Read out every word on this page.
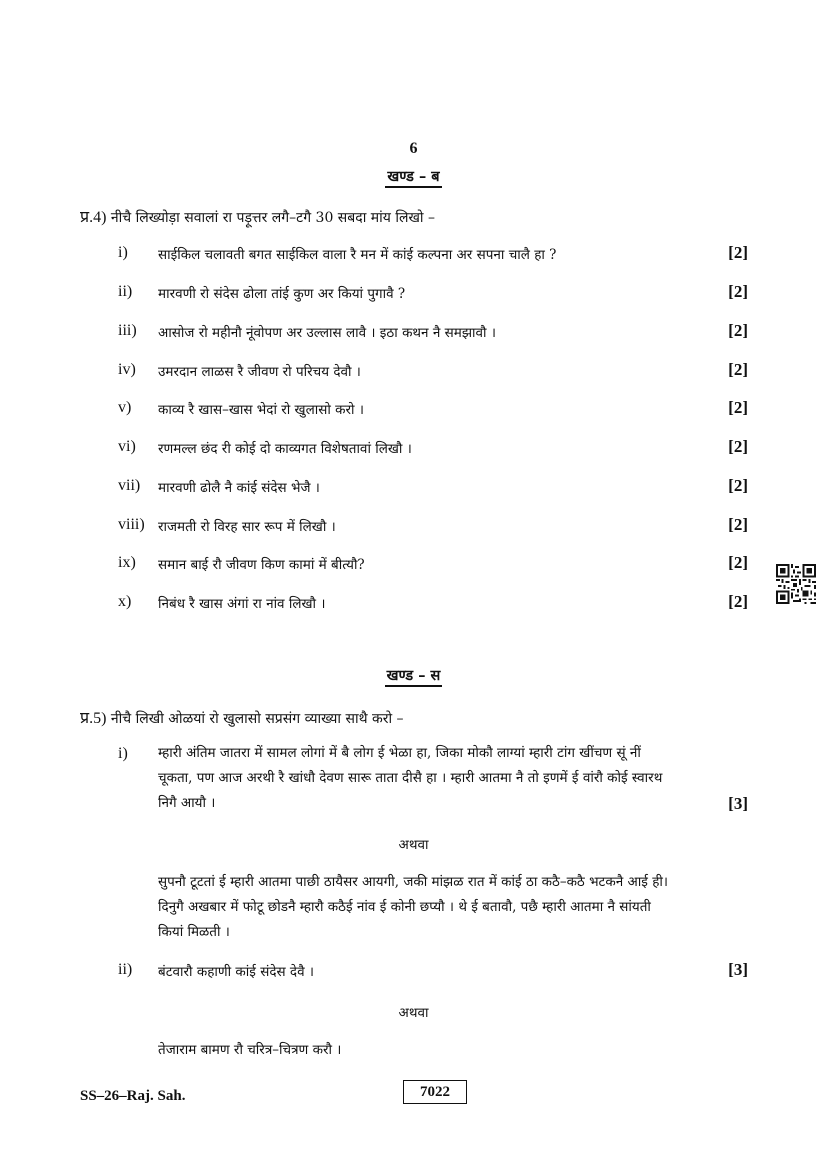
6
खण्ड – ब
प्र.4) नीचै लिख्योड़ा सवालां रा पड़ूत्तर लगै–टगै 30 सबदा मांय लिखो –
i) साईकिल चलावती बगत साईकिल वाला रै मन में कांई कल्पना अर सपना चालै हा ?	[2]
ii) मारवणी रो संदेस ढोला तांई कुण अर कियां पुगावै ?	[2]
iii) आसोज रो महीनौ नूंवोपण अर उल्लास लावै । इठा कथन नै समझावौ ।	[2]
iv) उमरदान लाळस रै जीवण रो परिचय देवौ ।	[2]
v) काव्य रै खास–खास भेदां रो खुलासो करो ।	[2]
vi) रणमल्ल छंद री कोई दो काव्यगत विशेषतावां लिखौ ।	[2]
vii) मारवणी ढोलै नै कांई संदेस भेजै ।	[2]
viii) राजमती रो विरह सार रूप में लिखौ ।	[2]
ix) समान बाई रौ जीवण किण कामां में बीत्यौ?	[2]
x) निबंध रै खास अंगां रा नांव लिखौ ।	[2]
खण्ड – स
प्र.5) नीचै लिखी ओळयां रो खुलासो सप्रसंग व्याख्या साथै करो –
i) म्हारी अंतिम जातरा में सामल लोगां में बै लोग ई भेळा हा, जिका मोकौ लाग्यां म्हारी टांग खींचण सूं नीं
चूकता, पण आज अरथी रै खांधौ देवण सारू ताता दीसै हा । म्हारी आतमा नै तो इणमें ई वांरौ कोई स्वारथ
निगै आयौ ।	[3]
अथवा
सुपनौ टूटतां ई म्हारी आतमा पाछी ठायैसर आयगी, जकी मांझळ रात में कांई ठा कठै–कठै भटकनै आई ही।
दिनुगै अखबार में फोटू छोडनै म्हारौ कठैई नांव ई कोनी छप्यौ । थे ई बतावौ, पछै म्हारी आतमा नै सांयती
कियां मिळती ।
ii) बंटवारौ कहाणी कांई संदेस देवै ।	[3]
अथवा
तेजाराम बामण रौ चरित्र–चित्रण करौ ।
SS–26–Raj. Sah.	7022
